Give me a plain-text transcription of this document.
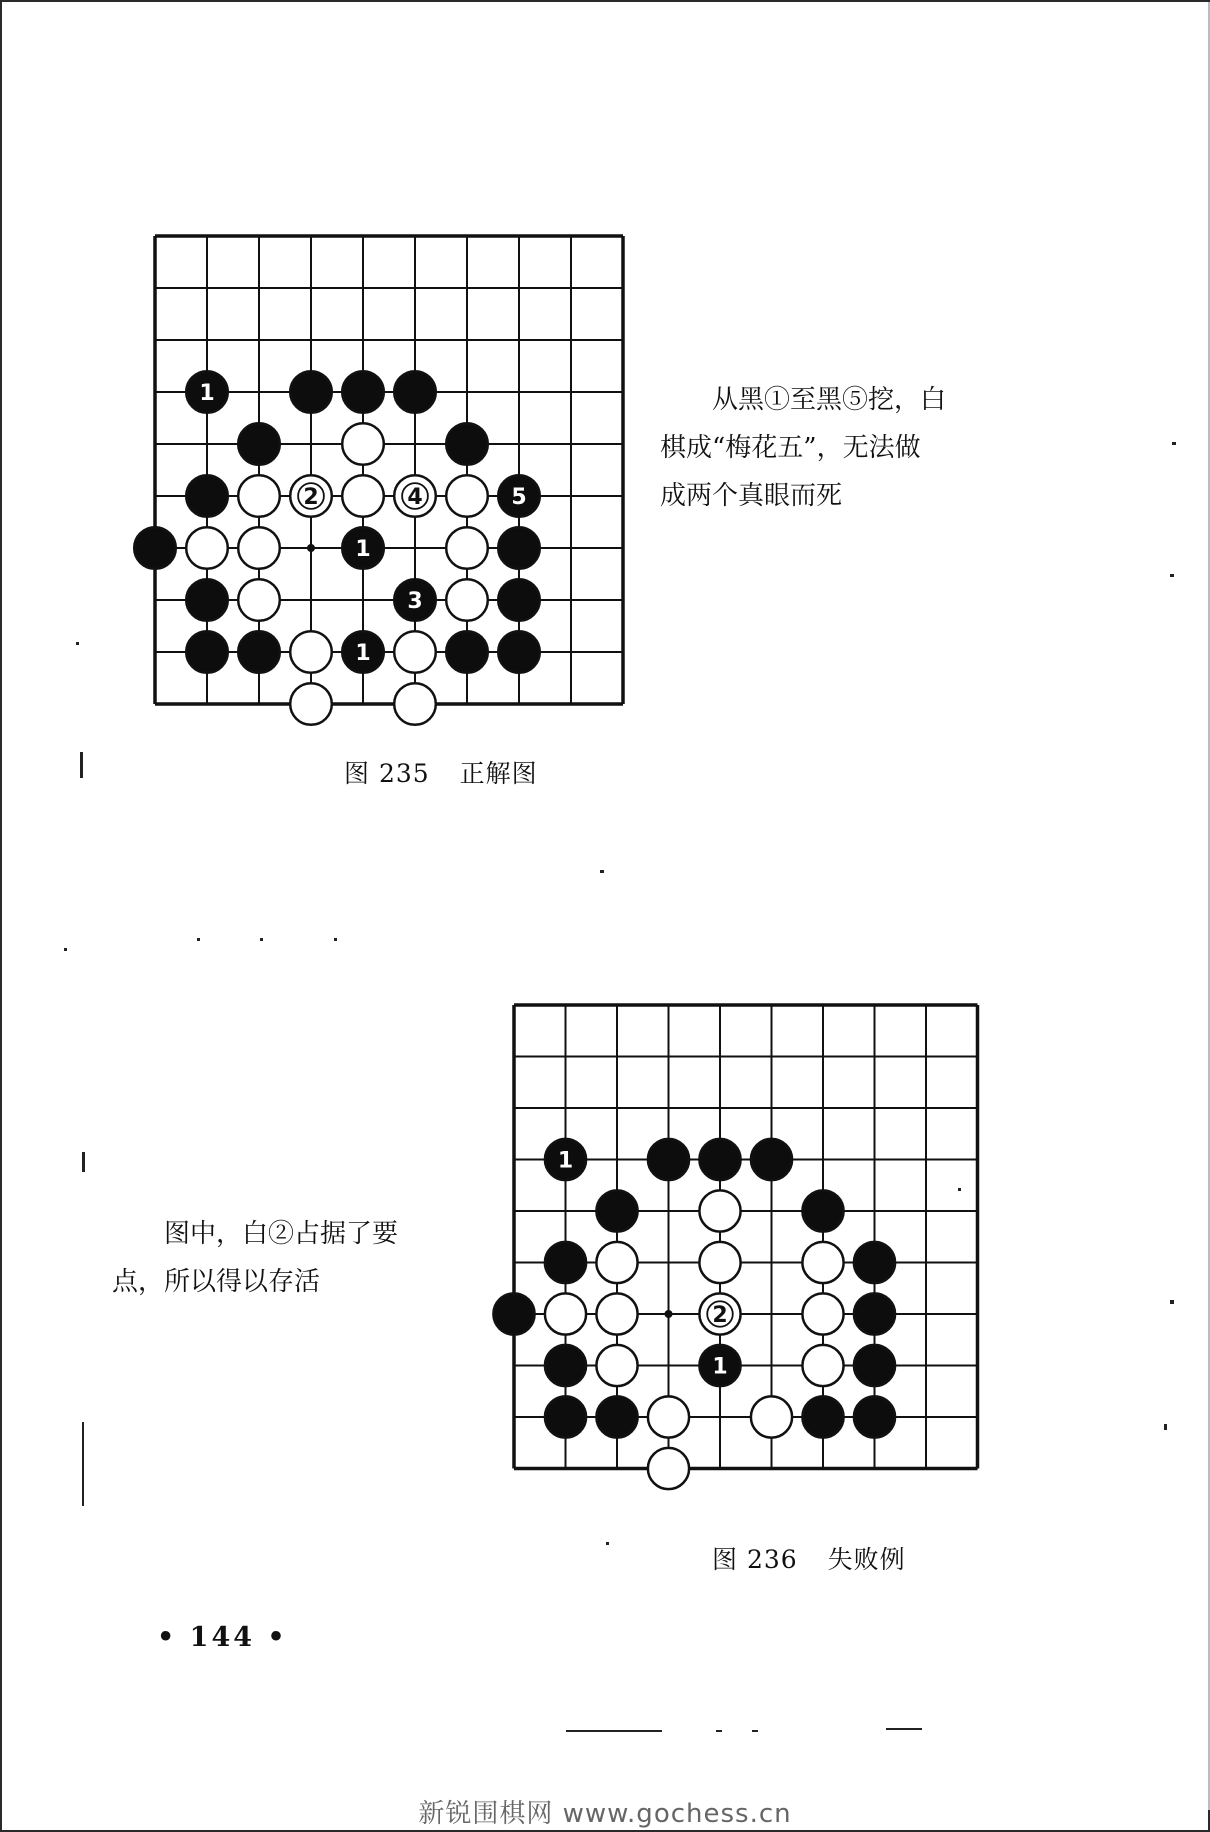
1
2	4	5
1
3
1
图 235 正解图

从黑①至黑⑤挖，白

棋成“梅花五”，无法做

成两个真眼而死

1
2
1
图 236 失败例

图中，白②占据了要

点，所以得以存活

• 144 •
新锐围棋网 www.gochess.cn
